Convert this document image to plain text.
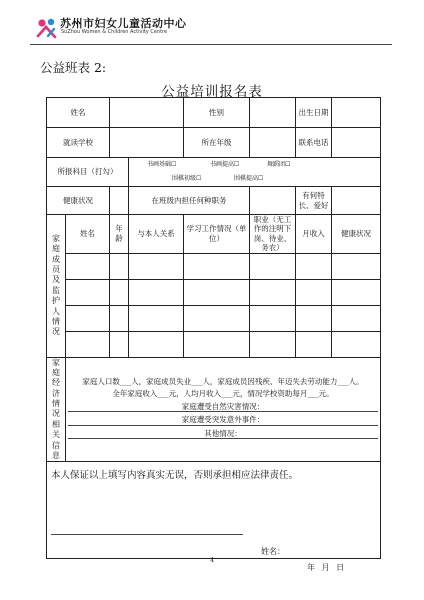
苏州市妇女儿童活动中心
SuZhou Women & Children Activity Centre
公益班表 2:
公益培训报名表
姓名				性别		出生日期	
就读学校				所在年级		联系电话	
所报科目（打勾）			书画基础☐ 书画提高☐ 舞蹈团☐
围棋初级☐ 围棋提高☐				

健康状况			在班级内担任何种职务			有何特长、爱好	
家庭成员及监护人情况	姓名	年龄	与本人关系	学习工作情况（单位）	职业（无工作的注明下岗、待业、务农）	月收入	健康状况

家庭经济情况相关信息	家庭人口数___人，家庭成员失业___人，家庭成员因残疾、年迈失去劳动能力___人。
全年家庭收入___元，人均月收入___元，情况学校资助每月___元。
家庭遭受自然灾害情况：
家庭遭受突发意外事件：
其他情况：						

本人保证以上填写内容真实无误，否则承担相应法律责任。
姓名：
年 月 日							
4
